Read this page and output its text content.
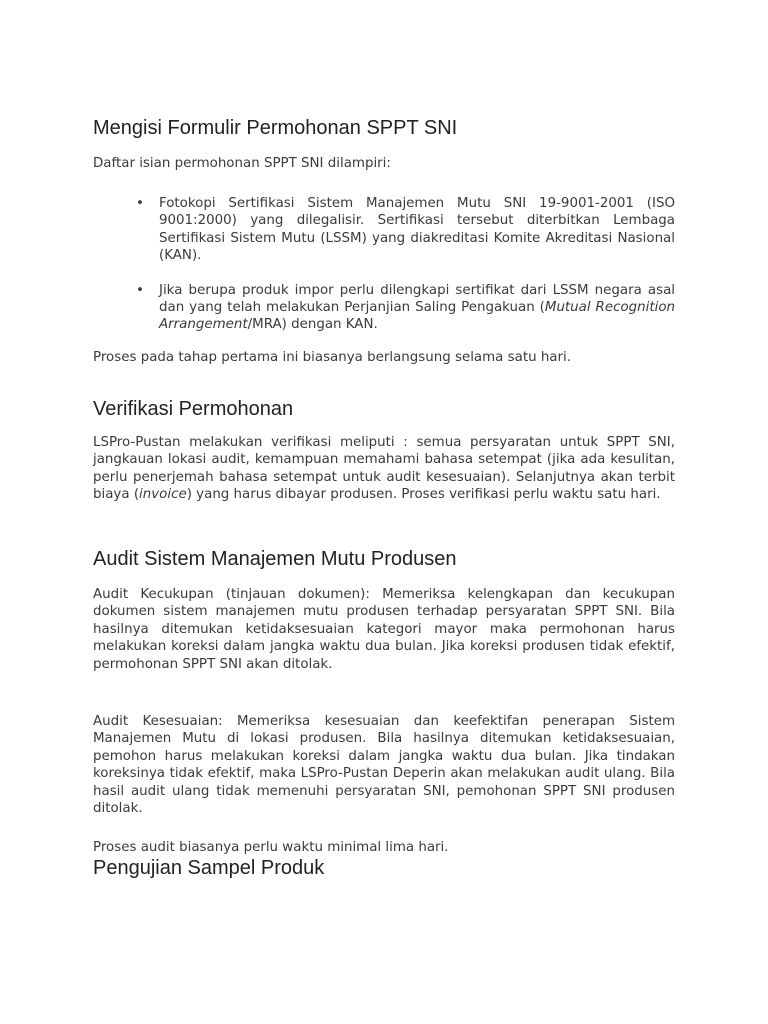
Mengisi Formulir Permohonan SPPT SNI

Daftar isian permohonan SPPT SNI dilampiri:

• Fotokopi Sertifikasi Sistem Manajemen Mutu SNI 19-9001-2001 (ISO 9001:2000) yang dilegalisir. Sertifikasi tersebut diterbitkan Lembaga Sertifikasi Sistem Mutu (LSSM) yang diakreditasi Komite Akreditasi Nasional (KAN).
• Jika berupa produk impor perlu dilengkapi sertifikat dari LSSM negara asal dan yang telah melakukan Perjanjian Saling Pengakuan (Mutual Recognition Arrangement/MRA) dengan KAN.

Proses pada tahap pertama ini biasanya berlangsung selama satu hari.

Verifikasi Permohonan

LSPro-Pustan melakukan verifikasi meliputi : semua persyaratan untuk SPPT SNI, jangkauan lokasi audit, kemampuan memahami bahasa setempat (jika ada kesulitan, perlu penerjemah bahasa setempat untuk audit kesesuaian). Selanjutnya akan terbit biaya (invoice) yang harus dibayar produsen. Proses verifikasi perlu waktu satu hari.

Audit Sistem Manajemen Mutu Produsen

Audit Kecukupan (tinjauan dokumen): Memeriksa kelengkapan dan kecukupan dokumen sistem manajemen mutu produsen terhadap persyaratan SPPT SNI. Bila hasilnya ditemukan ketidaksesuaian kategori mayor maka permohonan harus melakukan koreksi dalam jangka waktu dua bulan. Jika koreksi produsen tidak efektif, permohonan SPPT SNI akan ditolak.

Audit Kesesuaian: Memeriksa kesesuaian dan keefektifan penerapan Sistem Manajemen Mutu di lokasi produsen. Bila hasilnya ditemukan ketidaksesuaian, pemohon harus melakukan koreksi dalam jangka waktu dua bulan. Jika tindakan koreksinya tidak efektif, maka LSPro-Pustan Deperin akan melakukan audit ulang. Bila hasil audit ulang tidak memenuhi persyaratan SNI, pemohonan SPPT SNI produsen ditolak.

Proses audit biasanya perlu waktu minimal lima hari.

Pengujian Sampel Produk
